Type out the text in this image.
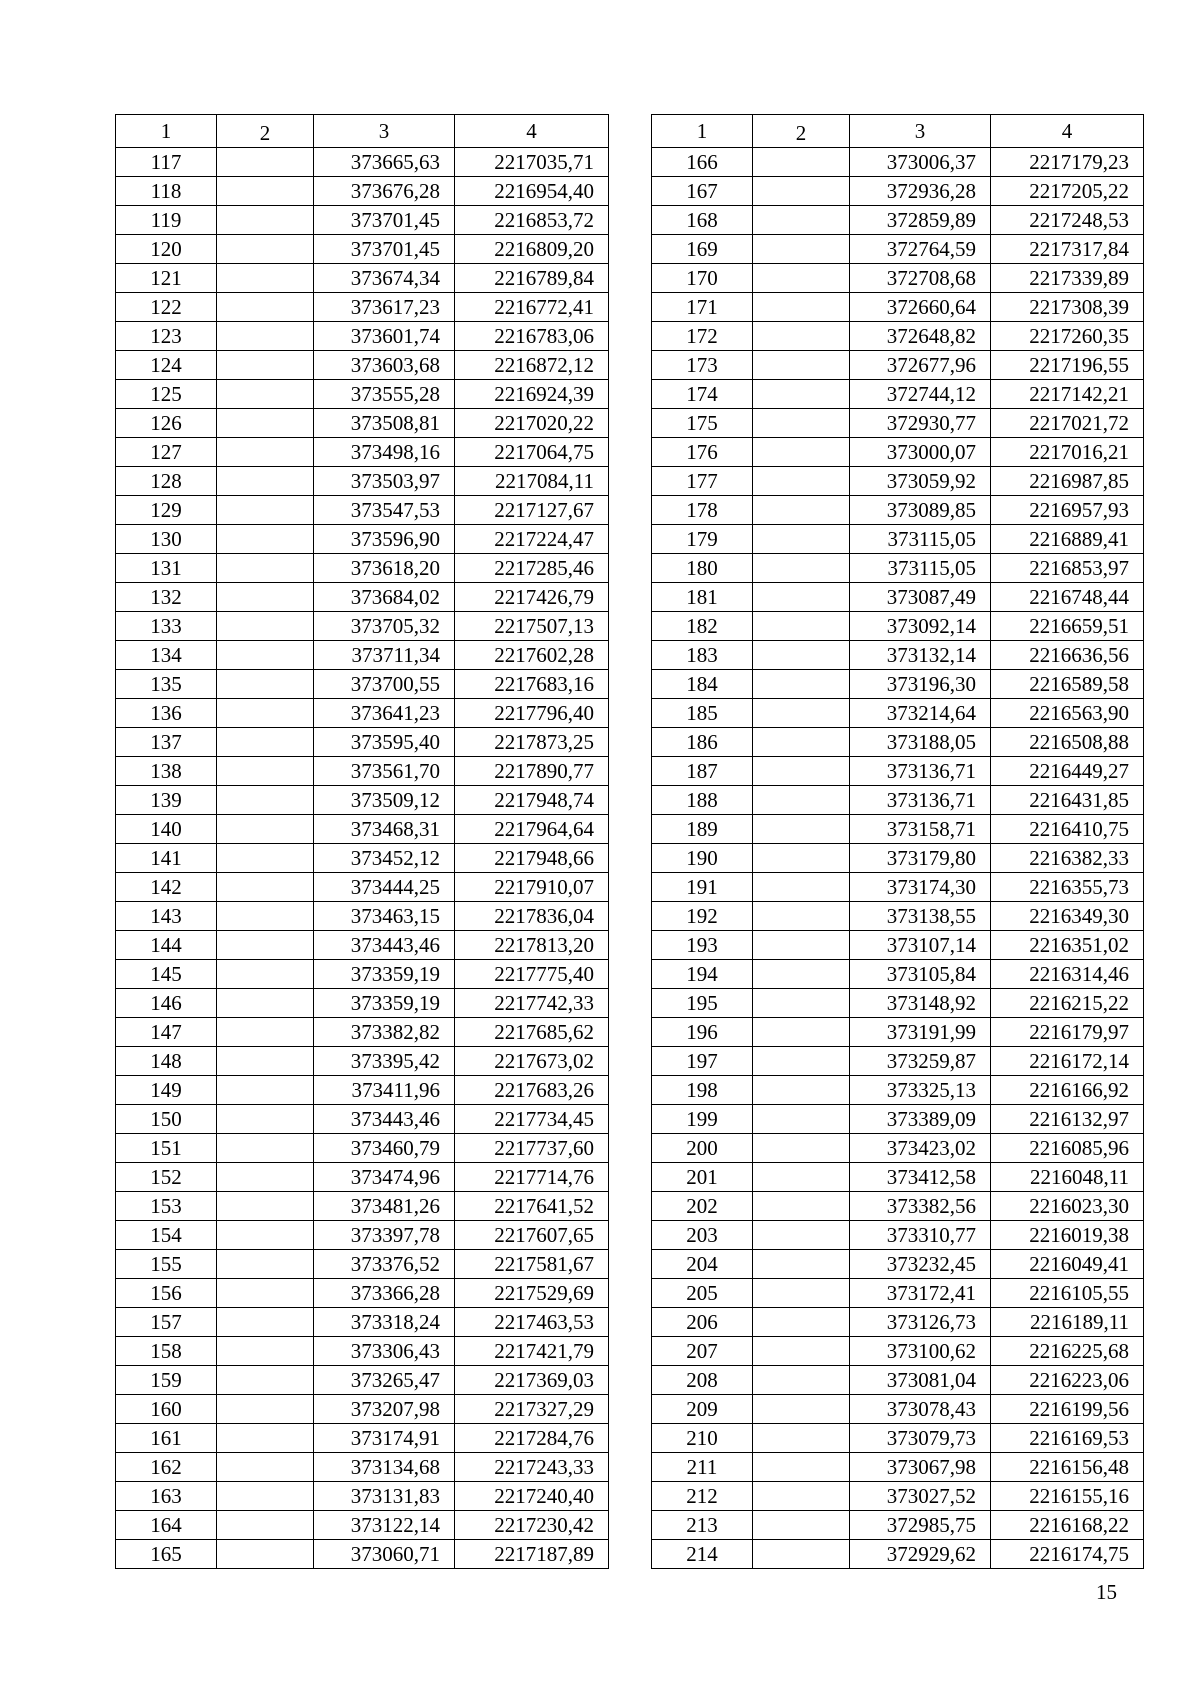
1	2	3	4
117		373665,63	2217035,71
118		373676,28	2216954,40
119		373701,45	2216853,72
120		373701,45	2216809,20
121		373674,34	2216789,84
122		373617,23	2216772,41
123		373601,74	2216783,06
124		373603,68	2216872,12
125		373555,28	2216924,39
126		373508,81	2217020,22
127		373498,16	2217064,75
128		373503,97	2217084,11
129		373547,53	2217127,67
130		373596,90	2217224,47
131		373618,20	2217285,46
132		373684,02	2217426,79
133		373705,32	2217507,13
134		373711,34	2217602,28
135		373700,55	2217683,16
136		373641,23	2217796,40
137		373595,40	2217873,25
138		373561,70	2217890,77
139		373509,12	2217948,74
140		373468,31	2217964,64
141		373452,12	2217948,66
142		373444,25	2217910,07
143		373463,15	2217836,04
144		373443,46	2217813,20
145		373359,19	2217775,40
146		373359,19	2217742,33
147		373382,82	2217685,62
148		373395,42	2217673,02
149		373411,96	2217683,26
150		373443,46	2217734,45
151		373460,79	2217737,60
152		373474,96	2217714,76
153		373481,26	2217641,52
154		373397,78	2217607,65
155		373376,52	2217581,67
156		373366,28	2217529,69
157		373318,24	2217463,53
158		373306,43	2217421,79
159		373265,47	2217369,03
160		373207,98	2217327,29
161		373174,91	2217284,76
162		373134,68	2217243,33
163		373131,83	2217240,40
164		373122,14	2217230,42
165		373060,71	2217187,89
1	2	3	4
166		373006,37	2217179,23
167		372936,28	2217205,22
168		372859,89	2217248,53
169		372764,59	2217317,84
170		372708,68	2217339,89
171		372660,64	2217308,39
172		372648,82	2217260,35
173		372677,96	2217196,55
174		372744,12	2217142,21
175		372930,77	2217021,72
176		373000,07	2217016,21
177		373059,92	2216987,85
178		373089,85	2216957,93
179		373115,05	2216889,41
180		373115,05	2216853,97
181		373087,49	2216748,44
182		373092,14	2216659,51
183		373132,14	2216636,56
184		373196,30	2216589,58
185		373214,64	2216563,90
186		373188,05	2216508,88
187		373136,71	2216449,27
188		373136,71	2216431,85
189		373158,71	2216410,75
190		373179,80	2216382,33
191		373174,30	2216355,73
192		373138,55	2216349,30
193		373107,14	2216351,02
194		373105,84	2216314,46
195		373148,92	2216215,22
196		373191,99	2216179,97
197		373259,87	2216172,14
198		373325,13	2216166,92
199		373389,09	2216132,97
200		373423,02	2216085,96
201		373412,58	2216048,11
202		373382,56	2216023,30
203		373310,77	2216019,38
204		373232,45	2216049,41
205		373172,41	2216105,55
206		373126,73	2216189,11
207		373100,62	2216225,68
208		373081,04	2216223,06
209		373078,43	2216199,56
210		373079,73	2216169,53
211		373067,98	2216156,48
212		373027,52	2216155,16
213		372985,75	2216168,22
214		372929,62	2216174,75
15
